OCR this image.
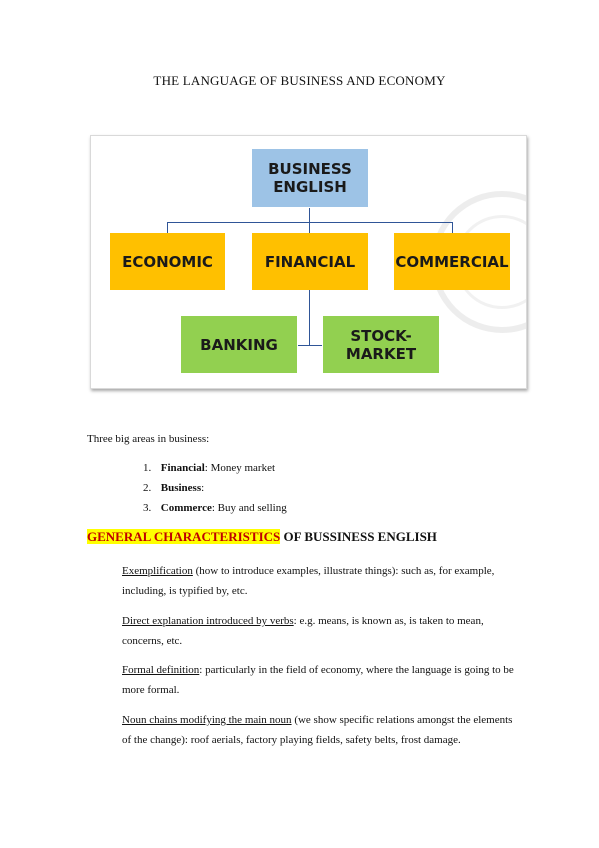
THE LANGUAGE OF BUSINESS AND ECONOMY
BUSINESS ENGLISH
ECONOMIC	FINANCIAL	COMMERCIAL
BANKING	STOCK-MARKET
Three big areas in business:
1. Financial: Money market
2. Business:
3. Commerce: Buy and selling
GENERAL CHARACTERISTICS OF BUSSINESS ENGLISH
Exemplification (how to introduce examples, illustrate things): such as, for example, including, is typified by, etc.
Direct explanation introduced by verbs: e.g. means, is known as, is taken to mean, concerns, etc.
Formal definition: particularly in the field of economy, where the language is going to be more formal.
Noun chains modifying the main noun (we show specific relations amongst the elements of the change): roof aerials, factory playing fields, safety belts, frost damage.
